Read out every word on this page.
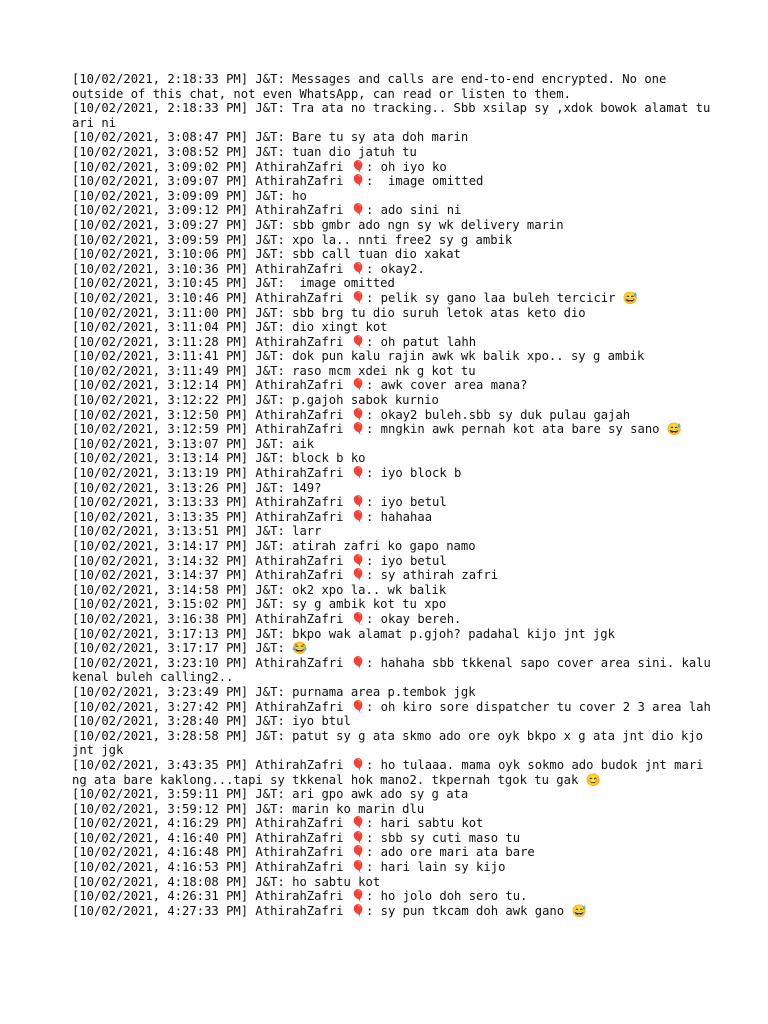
[10/02/2021, 2:18:33 PM] J&T: Messages and calls are end-to-end encrypted. No one outside of this chat, not even WhatsApp, can read or listen to them.
[10/02/2021, 2:18:33 PM] J&T: Tra ata no tracking.. Sbb xsilap sy ,xdok bowok alamat tu ari ni
[10/02/2021, 3:08:47 PM] J&T: Bare tu sy ata doh marin
[10/02/2021, 3:08:52 PM] J&T: tuan dio jatuh tu
[10/02/2021, 3:09:02 PM] AthirahZafri 🎈: oh iyo ko
[10/02/2021, 3:09:07 PM] AthirahZafri 🎈:  image omitted
[10/02/2021, 3:09:09 PM] J&T: ho
[10/02/2021, 3:09:12 PM] AthirahZafri 🎈: ado sini ni
[10/02/2021, 3:09:27 PM] J&T: sbb gmbr ado ngn sy wk delivery marin
[10/02/2021, 3:09:59 PM] J&T: xpo la.. nnti free2 sy g ambik
[10/02/2021, 3:10:06 PM] J&T: sbb call tuan dio xakat
[10/02/2021, 3:10:36 PM] AthirahZafri 🎈: okay2.
[10/02/2021, 3:10:45 PM] J&T:  image omitted
[10/02/2021, 3:10:46 PM] AthirahZafri 🎈: pelik sy gano laa buleh tercicir 😅
[10/02/2021, 3:11:00 PM] J&T: sbb brg tu dio suruh letok atas keto dio
[10/02/2021, 3:11:04 PM] J&T: dio xingt kot
[10/02/2021, 3:11:28 PM] AthirahZafri 🎈: oh patut lahh
[10/02/2021, 3:11:41 PM] J&T: dok pun kalu rajin awk wk balik xpo.. sy g ambik
[10/02/2021, 3:11:49 PM] J&T: raso mcm xdei nk g kot tu
[10/02/2021, 3:12:14 PM] AthirahZafri 🎈: awk cover area mana?
[10/02/2021, 3:12:22 PM] J&T: p.gajoh sabok kurnio
[10/02/2021, 3:12:50 PM] AthirahZafri 🎈: okay2 buleh.sbb sy duk pulau gajah
[10/02/2021, 3:12:59 PM] AthirahZafri 🎈: mngkin awk pernah kot ata bare sy sano 😅
[10/02/2021, 3:13:07 PM] J&T: aik
[10/02/2021, 3:13:14 PM] J&T: block b ko
[10/02/2021, 3:13:19 PM] AthirahZafri 🎈: iyo block b
[10/02/2021, 3:13:26 PM] J&T: 149?
[10/02/2021, 3:13:33 PM] AthirahZafri 🎈: iyo betul
[10/02/2021, 3:13:35 PM] AthirahZafri 🎈: hahahaa
[10/02/2021, 3:13:51 PM] J&T: larr
[10/02/2021, 3:14:17 PM] J&T: atirah zafri ko gapo namo
[10/02/2021, 3:14:32 PM] AthirahZafri 🎈: iyo betul
[10/02/2021, 3:14:37 PM] AthirahZafri 🎈: sy athirah zafri
[10/02/2021, 3:14:58 PM] J&T: ok2 xpo la.. wk balik
[10/02/2021, 3:15:02 PM] J&T: sy g ambik kot tu xpo
[10/02/2021, 3:16:38 PM] AthirahZafri 🎈: okay bereh.
[10/02/2021, 3:17:13 PM] J&T: bkpo wak alamat p.gjoh? padahal kijo jnt jgk
[10/02/2021, 3:17:17 PM] J&T: 😂
[10/02/2021, 3:23:10 PM] AthirahZafri 🎈: hahaha sbb tkkenal sapo cover area sini. kalu kenal buleh calling2..
[10/02/2021, 3:23:49 PM] J&T: purnama area p.tembok jgk
[10/02/2021, 3:27:42 PM] AthirahZafri 🎈: oh kiro sore dispatcher tu cover 2 3 area lah
[10/02/2021, 3:28:40 PM] J&T: iyo btul
[10/02/2021, 3:28:58 PM] J&T: patut sy g ata skmo ado ore oyk bkpo x g ata jnt dio kjo jnt jgk
[10/02/2021, 3:43:35 PM] AthirahZafri 🎈: ho tulaaa. mama oyk sokmo ado budok jnt mari ng ata bare kaklong...tapi sy tkkenal hok mano2. tkpernah tgok tu gak 😊
[10/02/2021, 3:59:11 PM] J&T: ari gpo awk ado sy g ata
[10/02/2021, 3:59:12 PM] J&T: marin ko marin dlu
[10/02/2021, 4:16:29 PM] AthirahZafri 🎈: hari sabtu kot
[10/02/2021, 4:16:40 PM] AthirahZafri 🎈: sbb sy cuti maso tu
[10/02/2021, 4:16:48 PM] AthirahZafri 🎈: ado ore mari ata bare
[10/02/2021, 4:16:53 PM] AthirahZafri 🎈: hari lain sy kijo
[10/02/2021, 4:18:08 PM] J&T: ho sabtu kot
[10/02/2021, 4:26:31 PM] AthirahZafri 🎈: ho jolo doh sero tu.
[10/02/2021, 4:27:33 PM] AthirahZafri 🎈: sy pun tkcam doh awk gano 😅
